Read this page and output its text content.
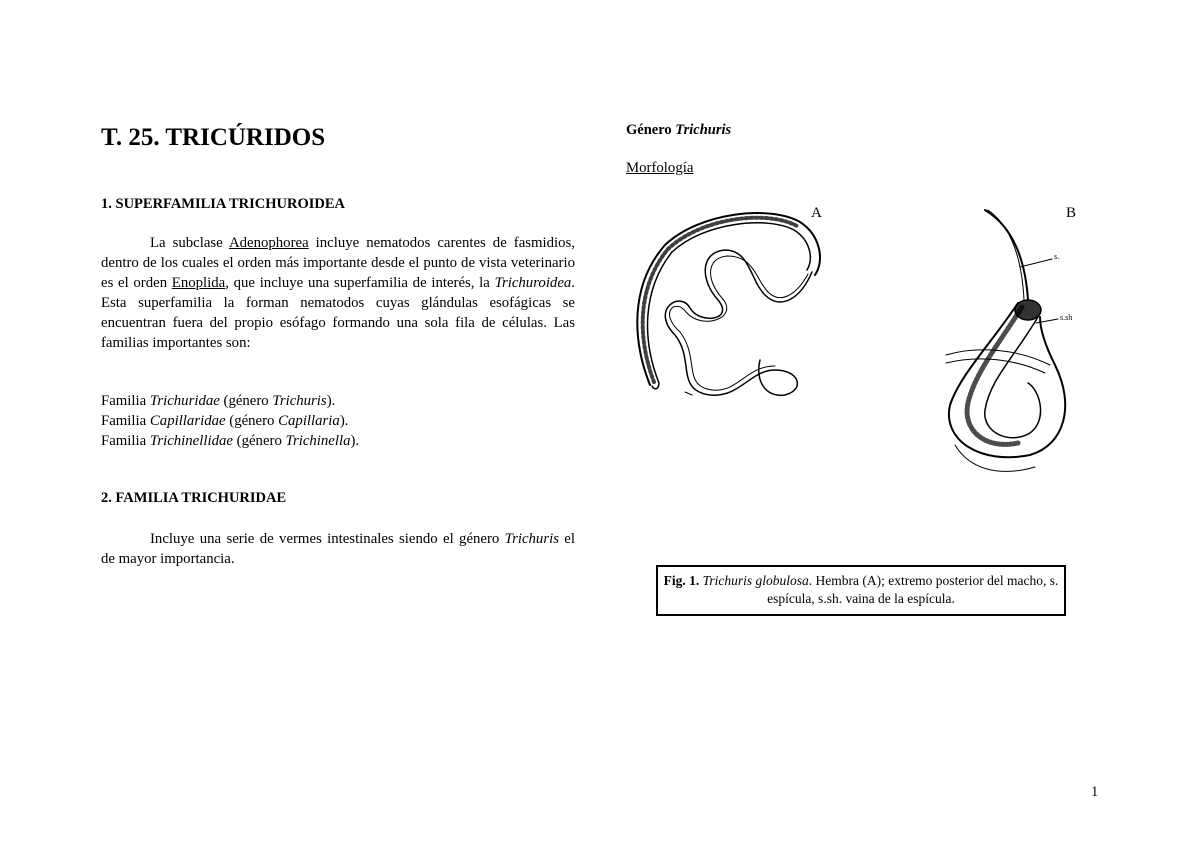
T. 25. TRICÚRIDOS
1. SUPERFAMILIA TRICHUROIDEA
La subclase Adenophorea incluye nematodos carentes de fasmidios, dentro de los cuales el orden más importante desde el punto de vista veterinario es el orden Enoplida, que incluye una superfamilia de interés, la Trichuroidea. Esta superfamilia la forman nematodos cuyas glándulas esofágicas se encuentran fuera del propio esófago formando una sola fila de células. Las familias importantes son:
Familia Trichuridae (género Trichuris).
Familia Capillaridae (género Capillaria).
Familia Trichinellidae (género Trichinella).
2. FAMILIA TRICHURIDAE
Incluye una serie de vermes intestinales siendo el género Trichuris el de mayor importancia.
Género Trichuris
Morfología
A	B
s.
s.sh
Fig. 1. Trichuris globulosa. Hembra (A); extremo posterior del macho, s. espícula, s.sh. vaina de la espícula.
1
